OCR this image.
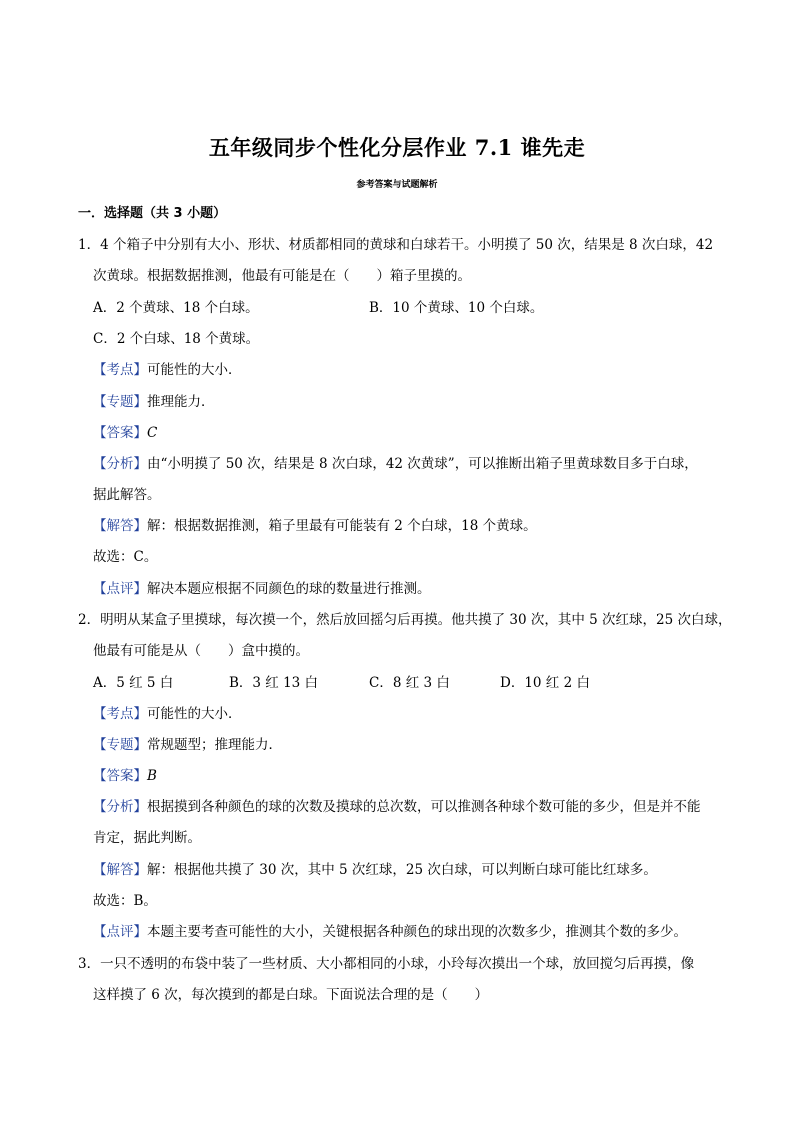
五年级同步个性化分层作业 7.1 谁先走
参考答案与试题解析
一．选择题（共 3 小题）
1．4 个箱子中分别有大小、形状、材质都相同的黄球和白球若干。小明摸了 50 次，结果是 8 次白球，42
次黄球。根据数据推测，他最有可能是在（　　）箱子里摸的。
A．2 个黄球、18 个白球。	B．10 个黄球、10 个白球。
C．2 个白球、18 个黄球。
【考点】可能性的大小．
【专题】推理能力．
【答案】C
【分析】由“小明摸了 50 次，结果是 8 次白球，42 次黄球”，可以推断出箱子里黄球数目多于白球，
据此解答。
【解答】解：根据数据推测，箱子里最有可能装有 2 个白球，18 个黄球。
故选：C。
【点评】解决本题应根据不同颜色的球的数量进行推测。
2．明明从某盒子里摸球，每次摸一个，然后放回摇匀后再摸。他共摸了 30 次，其中 5 次红球，25 次白球，
他最有可能是从（　　）盒中摸的。
A．5 红 5 白	B．3 红 13 白	C．8 红 3 白	D．10 红 2 白
【考点】可能性的大小．
【专题】常规题型；推理能力．
【答案】B
【分析】根据摸到各种颜色的球的次数及摸球的总次数，可以推测各种球个数可能的多少，但是并不能
肯定，据此判断。
【解答】解：根据他共摸了 30 次，其中 5 次红球，25 次白球，可以判断白球可能比红球多。
故选：B。
【点评】本题主要考查可能性的大小，关键根据各种颜色的球出现的次数多少，推测其个数的多少。
3．一只不透明的布袋中装了一些材质、大小都相同的小球，小玲每次摸出一个球，放回搅匀后再摸，像
这样摸了 6 次，每次摸到的都是白球。下面说法合理的是（　　）
